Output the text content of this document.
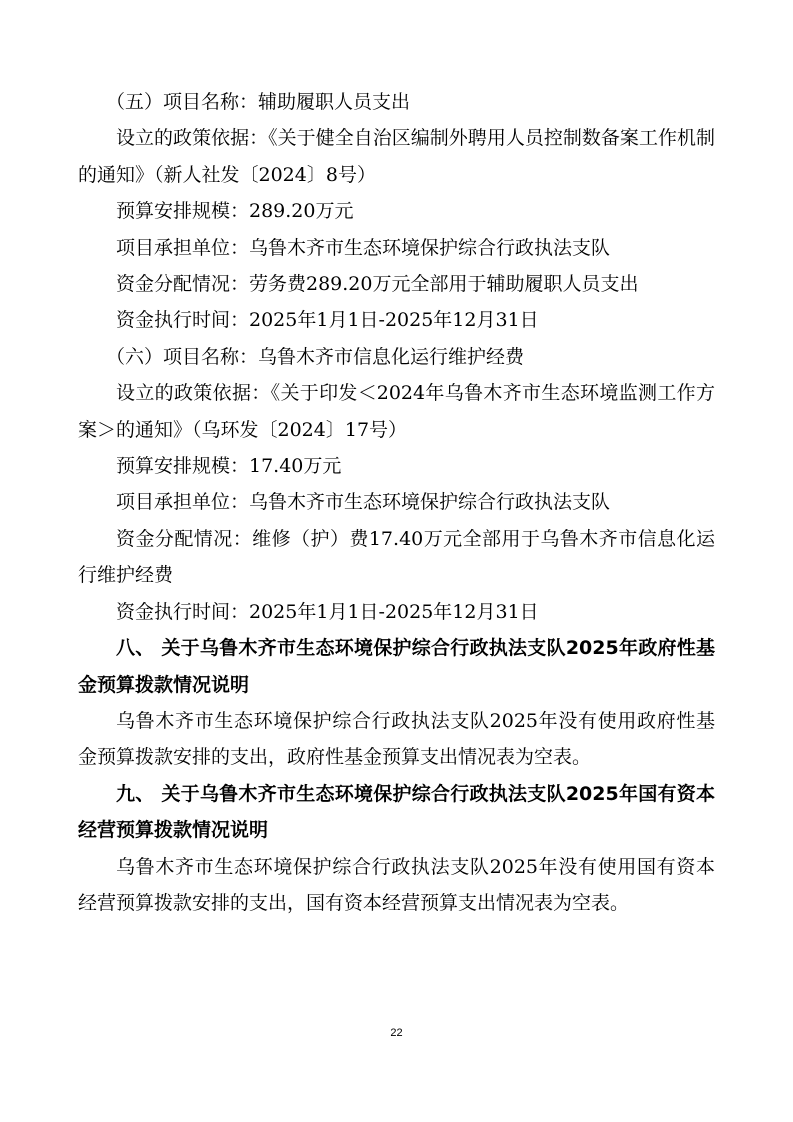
（五）项目名称：辅助履职人员支出

设立的政策依据：《关于健全自治区编制外聘用人员控制数备案工作机制的通知》（新人社发〔2024〕8号）

预算安排规模：289.20万元

项目承担单位：乌鲁木齐市生态环境保护综合行政执法支队

资金分配情况：劳务费289.20万元全部用于辅助履职人员支出

资金执行时间：2025年1月1日-2025年12月31日

（六）项目名称：乌鲁木齐市信息化运行维护经费

设立的政策依据：《关于印发＜2024年乌鲁木齐市生态环境监测工作方案＞的通知》（乌环发〔2024〕17号）

预算安排规模：17.40万元

项目承担单位：乌鲁木齐市生态环境保护综合行政执法支队

资金分配情况：维修（护）费17.40万元全部用于乌鲁木齐市信息化运行维护经费

资金执行时间：2025年1月1日-2025年12月31日

八、 关于乌鲁木齐市生态环境保护综合行政执法支队2025年政府性基金预算拨款情况说明

乌鲁木齐市生态环境保护综合行政执法支队2025年没有使用政府性基金预算拨款安排的支出，政府性基金预算支出情况表为空表。

九、 关于乌鲁木齐市生态环境保护综合行政执法支队2025年国有资本经营预算拨款情况说明

乌鲁木齐市生态环境保护综合行政执法支队2025年没有使用国有资本经营预算拨款安排的支出，国有资本经营预算支出情况表为空表。

22
